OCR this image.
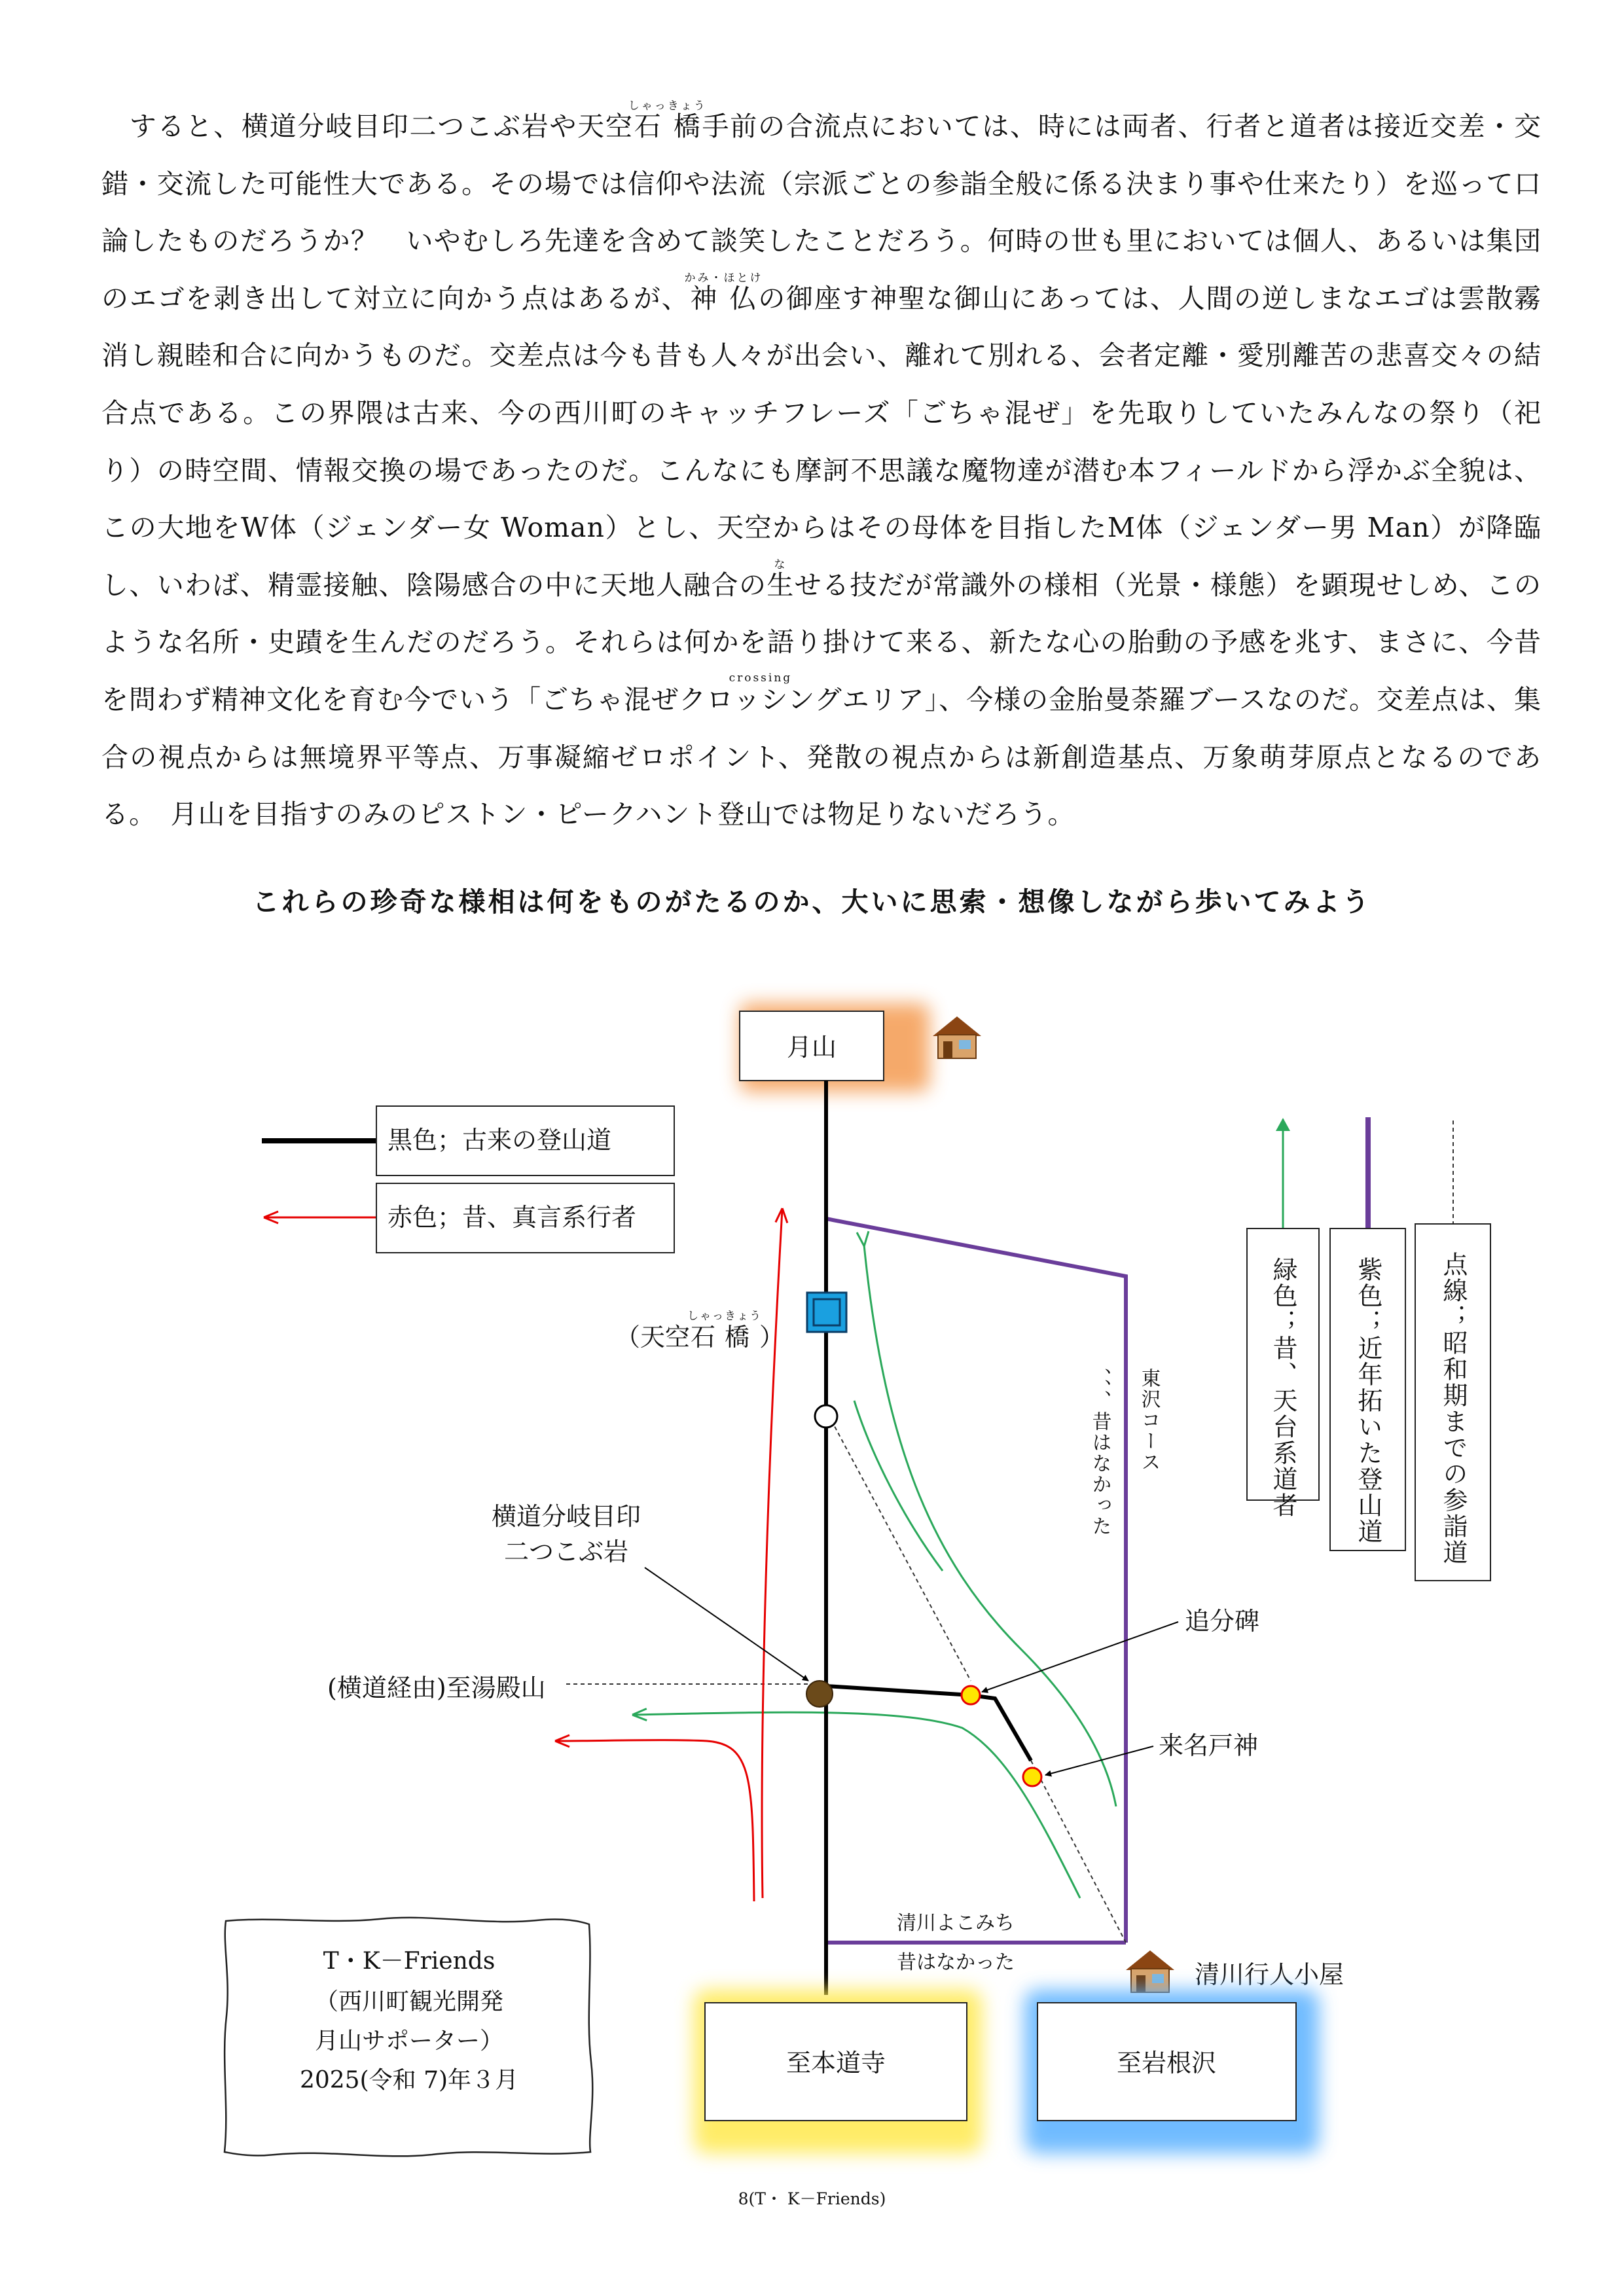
　すると、横道分岐目印二つこぶ岩や天空石橋しゃっきょう手前の合流点においては、時には両者、行者と道者は接近交差・交錯・交流した可能性大である。その場では信仰や法流（宗派ごとの参詣全般に係る決まり事や仕来たり）を巡って口論したものだろうか？　いやむしろ先達を含めて談笑したことだろう。何時の世も里においては個人、あるいは集団のエゴを剥き出して対立に向かう点はあるが、神仏かみ・ほとけの御座す神聖な御山にあっては、人間の逆しまなエゴは雲散霧消し親睦和合に向かうものだ。交差点は今も昔も人々が出会い、離れて別れる、会者定離・愛別離苦の悲喜交々の結合点である。この界隈は古来、今の西川町のキャッチフレーズ「ごちゃ混ぜ」を先取りしていたみんなの祭り（祀り）の時空間、情報交換の場であったのだ。こんなにも摩訶不思議な魔物達が潜む本フィールドから浮かぶ全貌は、この大地をW体（ジェンダー女 Woman）とし、天空からはその母体を目指したM体（ジェンダー男 Man）が降臨し、いわば、精霊接触、陰陽感合の中に天地人融合の生なせる技だが常識外の様相（光景・様態）を顕現せしめ、このような名所・史蹟を生んだのだろう。それらは何かを語り掛けて来る、新たな心の胎動の予感を兆す、まさに、今昔を問わず精神文化を育む今でいう「ごちゃ混ぜクロッシングcrossingエリア」、今様の金胎曼荼羅ブースなのだ。交差点は、集合の視点からは無境界平等点、万事凝縮ゼロポイント、発散の視点からは新創造基点、万象萌芽原点となるのである。　月山を目指すのみのピストン・ピークハント登山では物足りないだろう。

これらの珍奇な様相は何をものがたるのか、大いに思索・想像しながら歩いてみよう
月山
黒色；古来の登山道
赤色；昔、真言系行者
緑色；昔、天台系道者 紫色；近年拓いた登山道 点線；昭和期までの参詣道
（天空 石橋
しゃっきょう
）
横道分岐目印
二つこぶ岩
(横道経由)至湯殿山
東沢コース
、、、昔はなかった
追分碑
来名戸神
清川よこみち
昔はなかった	清川行人小屋
至本道寺	至岩根沢
T・K－Friends
（西川町観光開発
月山サポーター）
2025(令和 7)年３月
8(T・ K－Friends)
